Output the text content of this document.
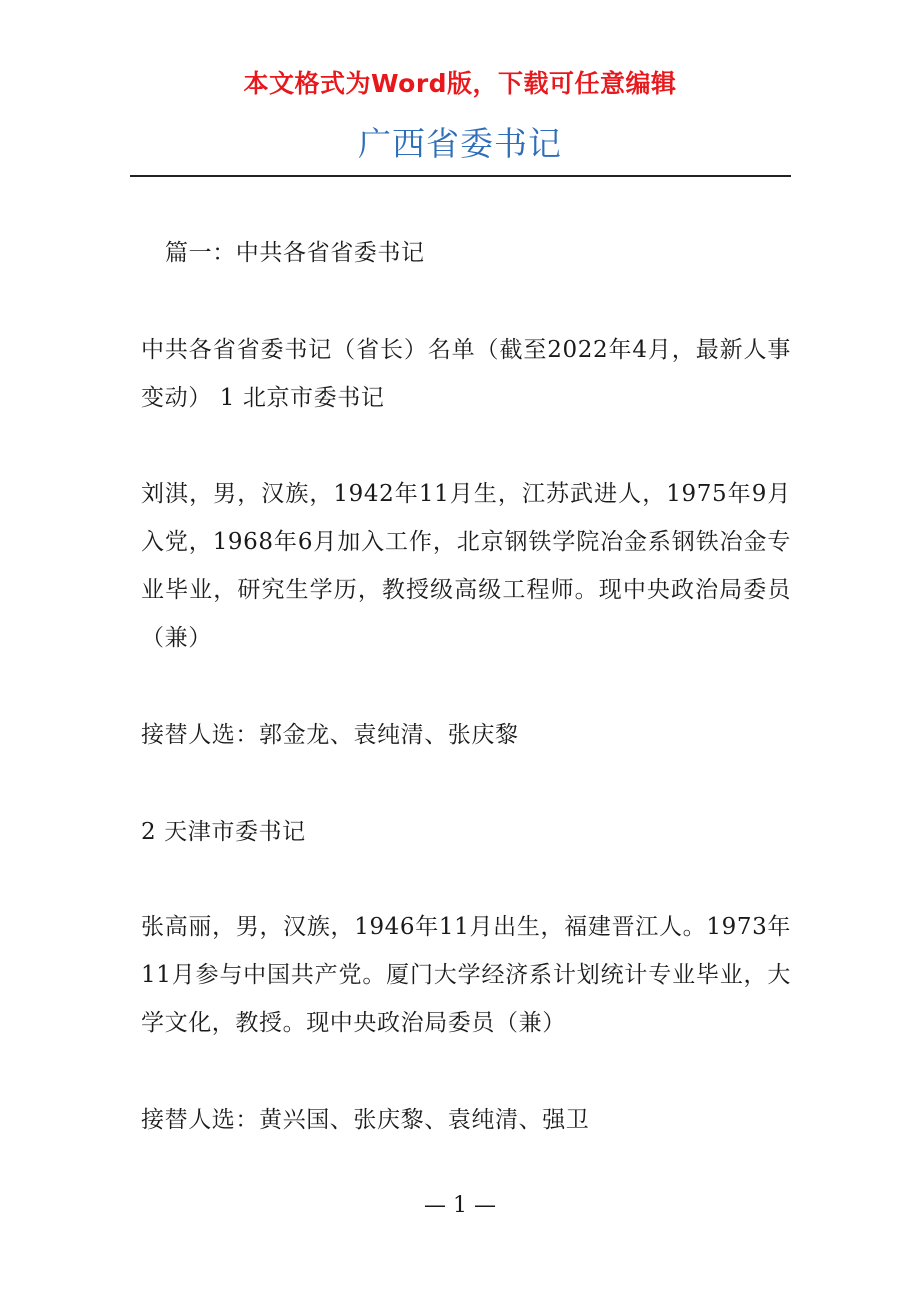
本文格式为Word版，下载可任意编辑
广西省委书记

篇一：中共各省省委书记

中共各省省委书记（省长）名单（截至2022年4月，最新人事变动） 1 北京市委书记

刘淇，男，汉族，1942年11月生，江苏武进人，1975年9月入党，1968年6月加入工作，北京钢铁学院冶金系钢铁冶金专业毕业，研究生学历，教授级高级工程师。现中央政治局委员（兼）

接替人选：郭金龙、袁纯清、张庆黎

2 天津市委书记

张高丽，男，汉族，1946年11月出生，福建晋江人。1973年11月参与中国共产党。厦门大学经济系计划统计专业毕业，大学文化，教授。现中央政治局委员（兼）

接替人选：黄兴国、张庆黎、袁纯清、强卫

— 1 —
